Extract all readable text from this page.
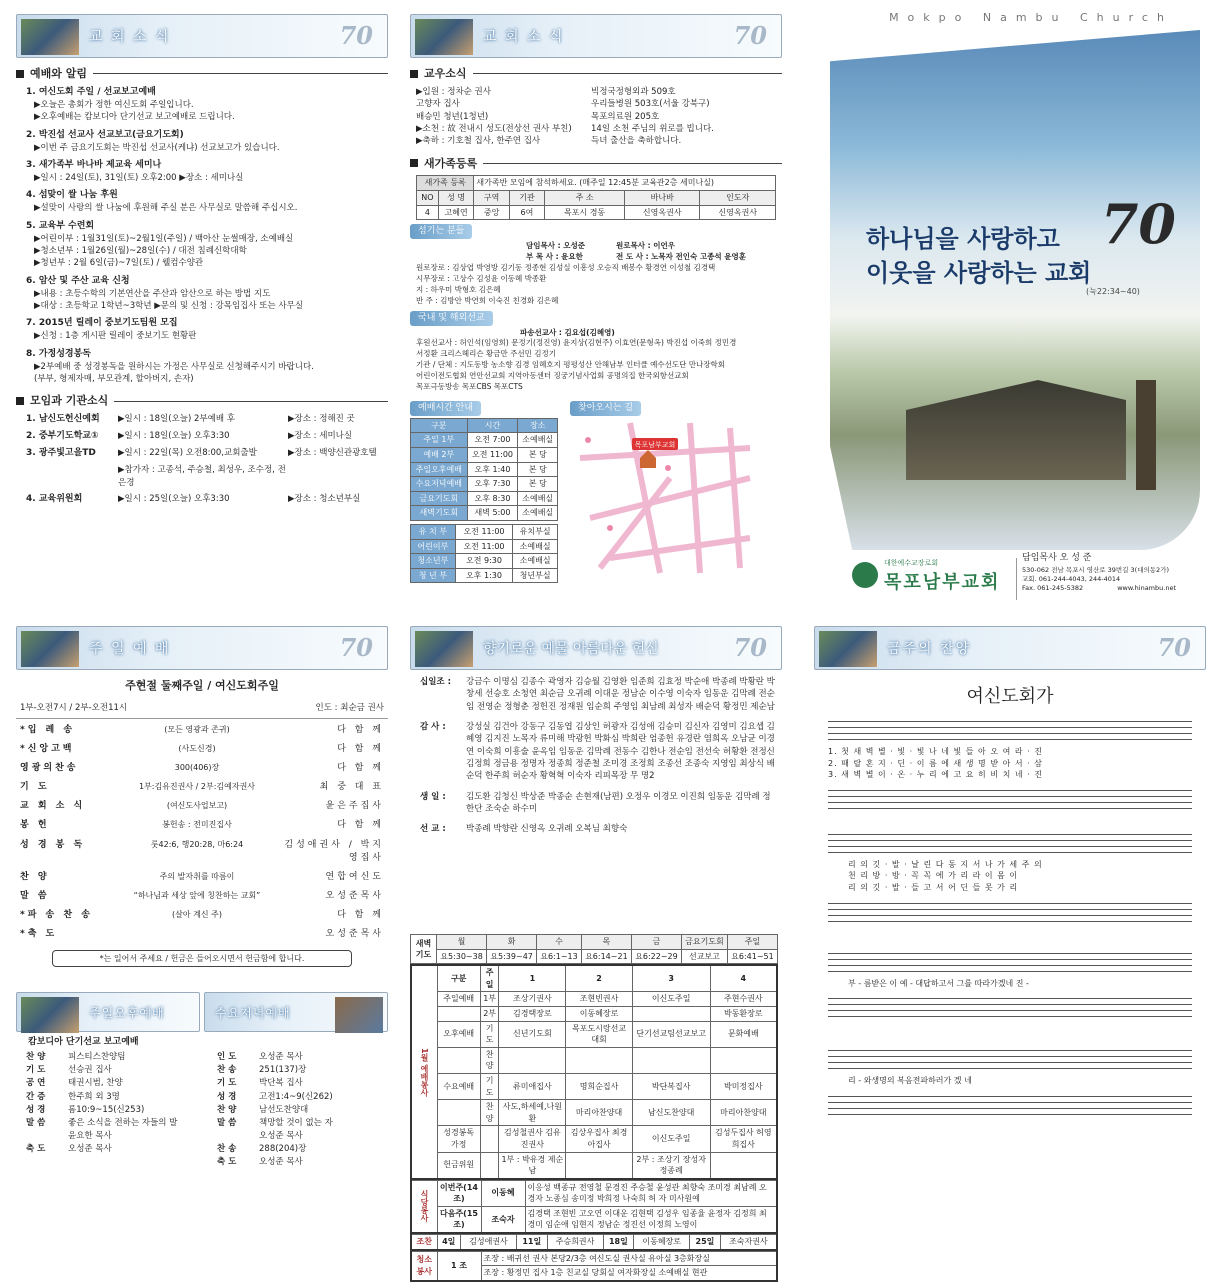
교 회 소 식	70
예배와 알림
1. 여신도회 주일 / 선교보고예배
▶오늘은 총회가 정한 여신도회 주일입니다.
▶오후예배는 캄보디아 단기선교 보고예배로 드립니다.
2. 박진섭 선교사 선교보고(금요기도회)
▶이번 주 금요기도회는 박진섭 선교사(케냐) 선교보고가 있습니다.
3. 새가족부 바나바 제교육 세미나
▶일시 : 24일(토), 31일(토) 오후2:00 ▶장소 : 세미나실
4. 섬맞이 쌀 나눔 후원
▶설맞이 사랑의 쌀 나눔에 후원해 주실 분은 사무실로 말씀해 주십시오.
5. 교육부 수련회
▶어린이부 : 1월31일(토)~2월1일(주일) / 백아산 눈썰매장, 소예배실
▶청소년부 : 1월26일(월)~28일(수) / 대전 침례신학대학
▶청년부 : 2월 6일(금)~7일(토) / 웰컴수양관
6. 암산 및 주산 교육 신청
▶내용 : 초등수학의 기본연산을 주산과 암산으로 하는 방법 지도
▶대상 : 초등학교 1학년~3학년 ▶문의 및 신청 : 강목임집사 또는 사무실
7. 2015년 릴레이 중보기도팀원 모집
▶신청 : 1층 게시판 릴레이 중보기도 현황판
8. 가정성경봉독
▶2부예배 중 성경봉독을 원하시는 가정은 사무실로 신청해주시기 바랍니다.
(부부, 형제자매, 부모관계, 할아버지, 손자)
모임과 기관소식
1. 남신도헌신예회	▶일시 : 18일(오늘) 2부예배 후	▶장소 : 정해진 곳
2. 중부기도학교①	▶일시 : 18일(오늘) 오후3:30	▶장소 : 세미나실
3. 광주빛고을TD	▶일시 : 22일(목) 오전8:00,교회출발	▶장소 : 백양신관광호텔
▶참가자 : 고종석, 주승철, 최성우, 조수정, 전은경
4. 교육위원회	▶일시 : 25일(오늘) 오후3:30	▶장소 : 청소년부실
교 회 소 식	70
교우소식
▶입원 : 정차순 권사	빅정국정형외과 509호
고향자 집사	우리들병원 503호(서울 강북구)
배승민 청년(1청년)	목포의료원 205호
▶소천 : 故 전내시 성도(전상선 권사 부친)	14일 소천 주님의 위로를 빕니다.
▶축하 : 기호철 집사, 한주연 집사	득녀 출산을 축하합니다.
새가족등록
새가족 등록		새가족반 모임에 참석하세요. (매주일 12:45분 교육관2층 세미나실)				
NO	성 명	구역	기관	주 소	바나바	인도자
4	고혜연	중앙	6여	목포시 경동	신영옥권사	신영옥권사
섬기는 분들
담임목사 : 오성준	원로목사 : 이언우
부 목 사 : 윤요한	전 도 사 : 노목자 전인숙 고종석 윤영훈
원로장로 : 김상엽 박영방 김기동 정종현 김성실 이흥성 오승직 배봉수 황경연 이성철 김경택
시무장로 : 고상수 김성윤 이동혜 박종환
지 : 하우미 박형호 김은혜
반 주 : 김방안 박연희 이숙진 친경화 김은혜
국내 및 해외선교
파송선교사 : 김요섭(김혜영)
후원선교사 : 허인석(임영희) 문정기(정진영) 윤지상(김현주) 이효연(문형옥) 박진섭 이죽희 정민경
서정환 크리스헤리슨 황금만 주선민 김정기
기관 / 단체 : 지도동방 농소향 김경 임혜호지 평평성산 안해남부 인터클 예수선도단 만나장학회
어린이전도협회 연안선교회 지역아동센터 징궁기념사업회 공명의집 한국외항선교회
목포극동방송 목포CBS 목포CTS
예배시간 안내
구분	시간	장소
주일 1부	오전 7:00	소예배실
예배 2부	오전 11:00	본 당
주일오후예배	오후 1:40	본 당
수요저녁예배	오후 7:30	본 당
금요기도회	오후 8:30	소예배실
새벽기도회	새벽 5:00	소예배실
유 치 부	오전 11:00	유치부실
어린이부	오전 11:00	소예배실
청소년부	오전 9:30	소예배실
청 년 부	오후 1:30	청년부실
찾아오시는 길
목포남부교회
Mokpo Nambu Church
70
하나님을 사랑하고
이웃을 사랑하는 교회
(눅22:34~40)
대한예수교장로회
목포남부교회
담임목사 오 성 준
530-062 전남 목포시 영산로 39번길 3(대의동2가)
교회. 061-244-4043, 244-4014
Fax. 061-245-5382	www.hinambu.net
주 일 예 배	70
주현절 둘째주일 / 여신도회주일
1부-오전7시 / 2부-오전11시	인도 : 최순금 권사
*입 례 송	(모든 영광과 존귀)	다 함 께
*신앙고백	(사도신경)	다 함 께
영광의찬송	300(406)장	다 함 께
기 도	1부:김유진권사 / 2부:김예자권사	최 중 대 표
교 회 소 식	(여신도사업보고)	윤은주집사
봉 헌	봉헌송 : 전미진집사	다 함 께
성 경 봉 독	룻42:6, 행20:28, 마6:24	김성애권사 / 박지영집사
찬 양	주의 발자취를 따름이	연합여신도
말 씀	“하나님과 세상 앞에 칭찬하는 교회”	오성준목사
*파 송 찬 송	(살아 계신 주)	다 함 께
*축 도	오성준목사
*는 일어서 주세요 / 헌금은 들어오시면서 헌금함에 합니다.
주일오후예배	수요저녁예배
캄보디아 단기선교 보고예배
찬 양	피스티스찬양팀
기 도	선승권 집사
공 연	태권시범, 찬양
간 증	한주희 외 3명
성 경	롬10:9~15(신253)
말 씀	좋은 소식을 전하는 자들의 발
윤요한 목사
축 도	오성준 목사
인 도	오성준 목사
찬 송	251(137)장
기 도	박단복 집사
성 경	고전1:4~9(신262)
찬 양	남선도찬양대
말 씀	책망할 것이 없는 자
오성준 목사
찬 송	288(204)장
축 도	오성준 목사
향기로운 예물 아름다운 헌신	70
십일조 :	강금수 이명심 김종수 곽영자 김승월 김영환 임준희 김효정 박순애 박종례 박황란 박창세 선승호 소청연 최순금 오귀례 이대운 정남순 이수영 이숙자 임동운 김막례 전순임 전영순 정형춘 정헌진 정재원 임순희 주영임 최남례 최성자 배순덕 황정민 제순남
감 사 :	강성실 김건아 강동구 김동엽 김상인 허광자 김성애 김승미 김신자 김영미 김요셉 김혜영 김지진 노목자 류미해 박광헌 박화심 박희란 엄종헌 유경란 염희옥 오남균 이경연 이숙희 이흥술 윤옥임 임동운 김막례 전동수 김한나 전순임 전선숙 허황환 전정신 김정희 정금용 정명자 정종희 정준철 조미경 조정희 조종선 조종숙 지영임 최상식 배순덕 한주희 허순자 황혁혁 이숙자 리피목장 무 명2
생 일 :	김도환 김청신 박상준 박종순 손현재(남편) 오정우 이경모 이진희 임동운 김막례 정한단 조숙순 하수미
선 교 :	박종례 박향란 신영옥 오귀례 오복님 최향숙
새벽기도	월	화	수	목	금	금요기도회	주일
	요5:30~38	요5:39~47	요6:1~13	요6:14~21	요6:22~29	선교보고	요6:41~51
1월 예배봉사	구분	주일	1	2	3	4
	주일예배	1부	조상기권사	조현빈권사	이신도주일	주현수권사
		2부	김경택장로	이동혜장로		박동환장로
	오후예배	기도	신년기도회	목포도시랑선교대회	단기선교팀선교보고	문화예배
		찬양				
	수요예배	기도	류미애집사	명희순집사	박단복집사	박미정집사
		찬양	사도,하세예,나원환	마리아찬양대	남신도찬양대	마리아찬양대
	성경봉독 가정		김성철권사 김유진권사	김상우집사 최경아집사	이신도주일	김성두집사 허영희집사
	헌금위원		1부 : 박유경 제순남		2부 : 조상기 장성자 정종례	
식당봉사	이번주(14조)	이동혜	이응성 백종규 전영철 문경진 주승철 윤성관 최향숙 조미경 최남례 오경자 노종심 송미정 박희정 나숙희 허 자 미사원예
	다음주(15조)	조숙자	김경택 조현빈 고오연 이대운 김현택 김성우 임종율 윤정자 김정희 최경미 임순애 임현지 정남순 정진선 이정희 노영이
조찬	4일	김성애권사	11일	주승희권사	18일	이동혜장로	25일	조숙자권사
청소봉사	1 조	조장 : 배귀선 권사 본당2/3층 여신도실 권사실 유아실 3층화장실
조장 : 황정민 집사 1층 친교실 당회실 여자화장실 소예배실 현관
금주의 찬양	70
여신도회가
1. 첫 새 벽 별 · 빛 · 빛 나 네 빛 들 아 오 여 라 · 진
2. 때 랄 혼 지 · 딘 · 이 름 에 새 생 명 받 아 서 · 삼
3. 새 벽 별 이 · 온 · 누 리 에 고 요 히 비 치 네 · 진
리 의 깃 · 발 · 날 린 다 동 지 서 나 가 세 주 의
천 리 방 · 방 · 꼭 꼭 에 가 리 라 이 몸 이
리 의 깃 · 발 · 들 고 서 어 딘 들 못 가 리
부 - 름받은 이 예 - 대답하고서 그를 따라가겠네 진 -
리 - 와생명의 복음전파하러가 겠 네
